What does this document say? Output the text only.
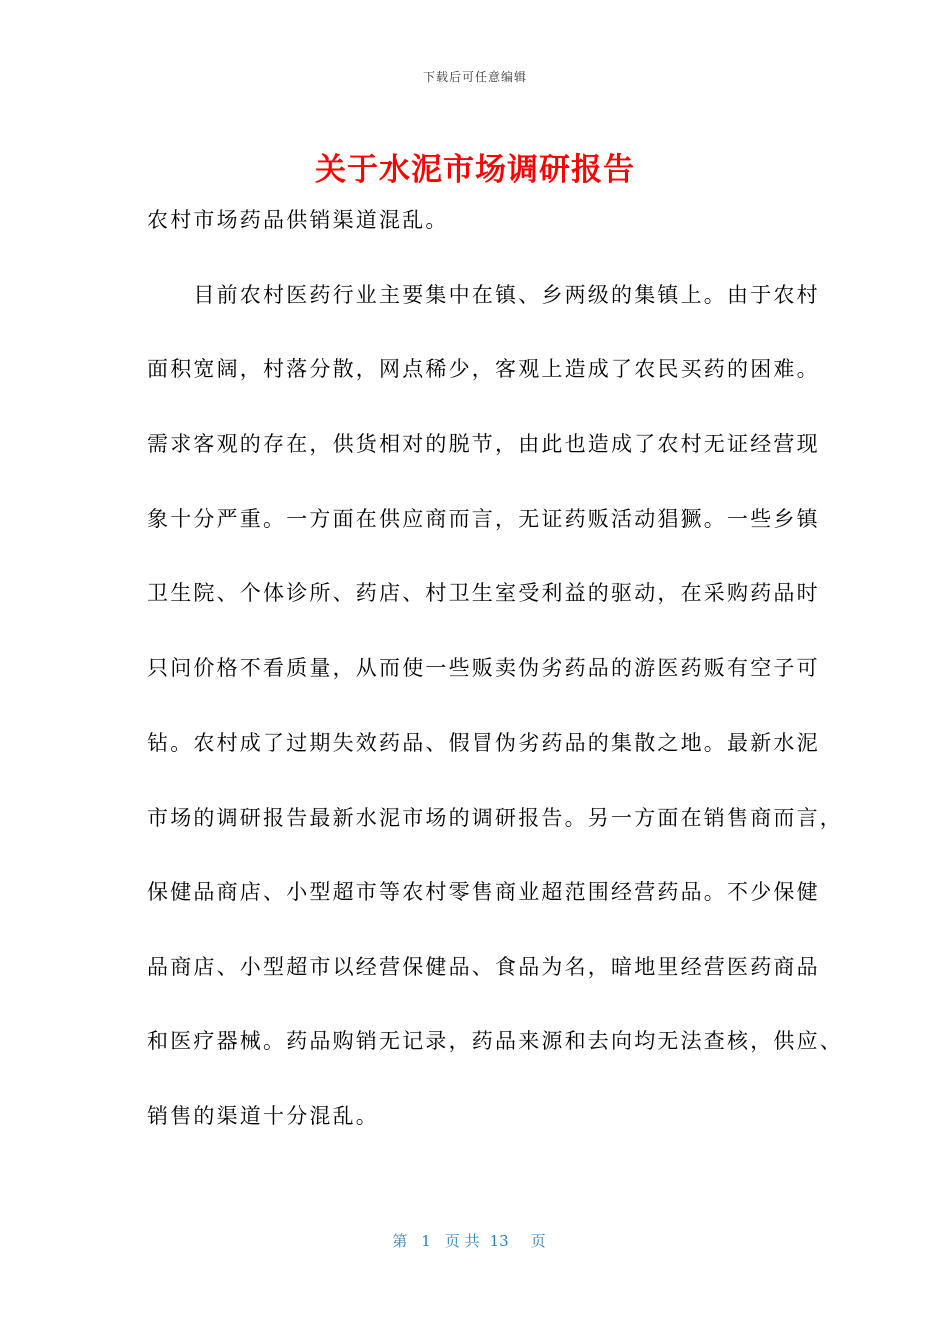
下载后可任意编辑
关于水泥市场调研报告
农村市场药品供销渠道混乱。
　　目前农村医药行业主要集中在镇、乡两级的集镇上。由于农村
面积宽阔，村落分散，网点稀少，客观上造成了农民买药的困难。
需求客观的存在，供货相对的脱节，由此也造成了农村无证经营现
象十分严重。一方面在供应商而言，无证药贩活动猖獗。一些乡镇
卫生院、个体诊所、药店、村卫生室受利益的驱动，在采购药品时
只问价格不看质量，从而使一些贩卖伪劣药品的游医药贩有空子可
钻。农村成了过期失效药品、假冒伪劣药品的集散之地。最新水泥
市场的调研报告最新水泥市场的调研报告。另一方面在销售商而言，
保健品商店、小型超市等农村零售商业超范围经营药品。不少保健
品商店、小型超市以经营保健品、食品为名，暗地里经营医药商品
和医疗器械。药品购销无记录，药品来源和去向均无法查核，供应、
销售的渠道十分混乱。
第 1 页 共 13 页
